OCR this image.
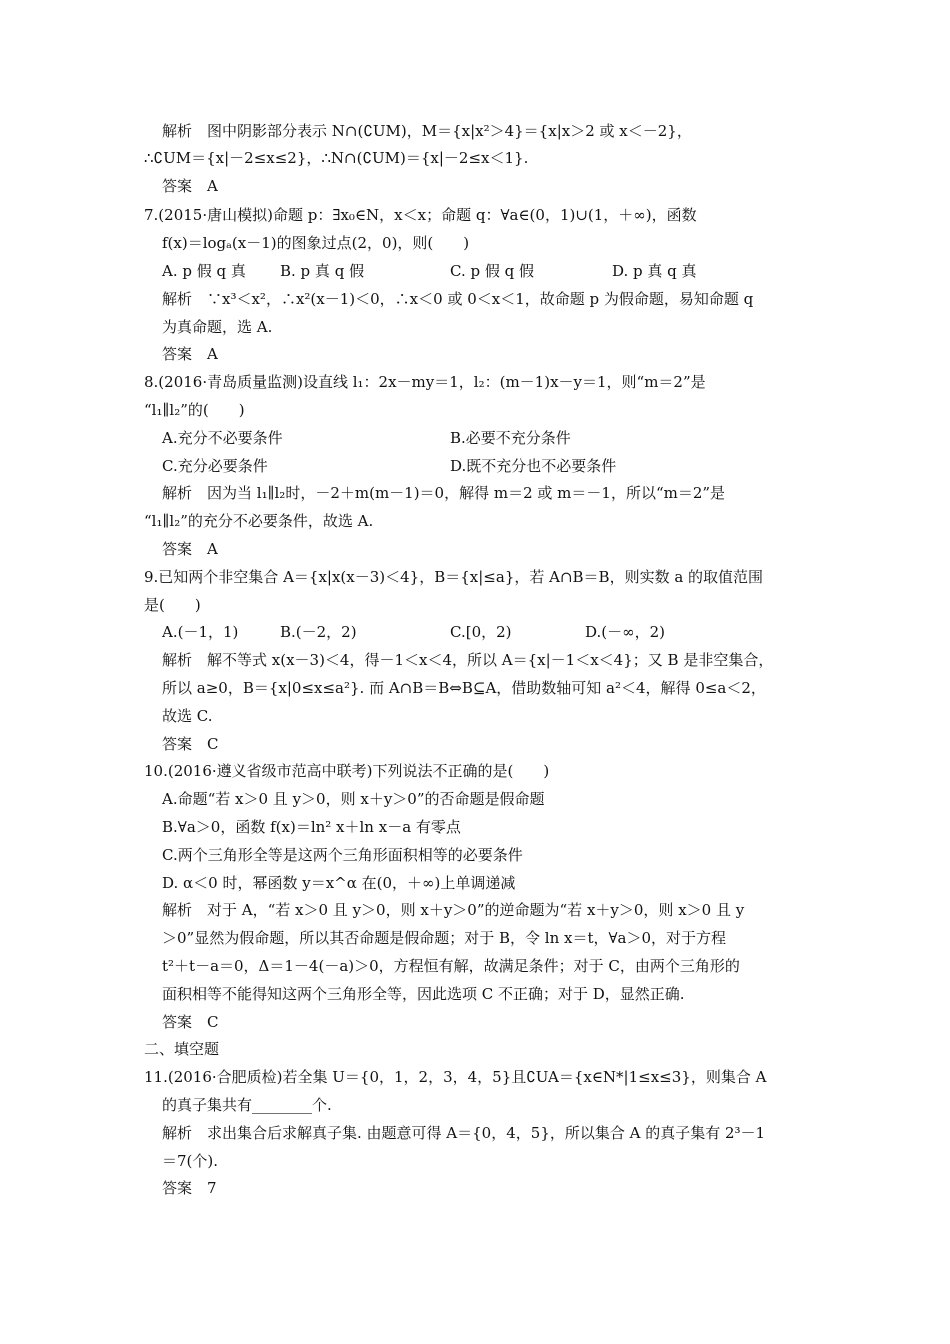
解析　图中阴影部分表示 N∩(∁UM)，M＝{x|x²＞4}＝{x|x＞2 或 x＜－2}，
∴∁UM＝{x|－2≤x≤2}，∴N∩(∁UM)＝{x|－2≤x＜1}.
答案　A
7.(2015·唐山模拟)命题 p：∃x₀∈N，x＜x；命题 q：∀a∈(0，1)∪(1，＋∞)，函数
f(x)＝logₐ(x－1)的图象过点(2，0)，则(　　)
A. p 假 q 真 B. p 真 q 假	C. p 假 q 假	D. p 真 q 真
解析　∵x³＜x²，∴x²(x－1)＜0，∴x＜0 或 0＜x＜1，故命题 p 为假命题，易知命题 q
为真命题，选 A.
答案　A
8.(2016·青岛质量监测)设直线 l₁：2x－my＝1，l₂：(m－1)x－y＝1，则“m＝2”是
“l₁∥l₂”的(　　)
A.充分不必要条件	B.必要不充分条件
C.充分必要条件	D.既不充分也不必要条件
解析　因为当 l₁∥l₂时，－2＋m(m－1)＝0，解得 m＝2 或 m＝－1，所以“m＝2”是
“l₁∥l₂”的充分不必要条件，故选 A.
答案　A
9.已知两个非空集合 A＝{x|x(x－3)＜4}，B＝{x|≤a}，若 A∩B＝B，则实数 a 的取值范围
是(　　)
A.(－1，1)	B.(－2，2)	C.[0，2)	D.(－∞，2)
解析　解不等式 x(x－3)＜4，得－1＜x＜4，所以 A＝{x|－1＜x＜4}；又 B 是非空集合，
所以 a≥0，B＝{x|0≤x≤a²}. 而 A∩B＝B⇔B⊆A，借助数轴可知 a²＜4，解得 0≤a＜2，
故选 C.
答案　C
10.(2016·遵义省级市范高中联考)下列说法不正确的是(　　)
A.命题“若 x＞0 且 y＞0，则 x＋y＞0”的否命题是假命题
B.∀a＞0，函数 f(x)＝ln² x＋ln x－a 有零点
C.两个三角形全等是这两个三角形面积相等的必要条件
D. α＜0 时，幂函数 y＝x^α 在(0，＋∞)上单调递减
解析　对于 A，“若 x＞0 且 y＞0，则 x＋y＞0”的逆命题为“若 x＋y＞0，则 x＞0 且 y
＞0”显然为假命题，所以其否命题是假命题；对于 B，令 ln x＝t，∀a＞0，对于方程
t²＋t－a＝0，Δ＝1－4(－a)＞0，方程恒有解，故满足条件；对于 C，由两个三角形的
面积相等不能得知这两个三角形全等，因此选项 C 不正确；对于 D，显然正确.
答案　C
二、填空题
11.(2016·合肥质检)若全集 U＝{0，1，2，3，4，5}且∁UA＝{x∈N*|1≤x≤3}，则集合 A
的真子集共有________个.
解析　求出集合后求解真子集. 由题意可得 A＝{0，4，5}，所以集合 A 的真子集有 2³－1
＝7(个).
答案　7
